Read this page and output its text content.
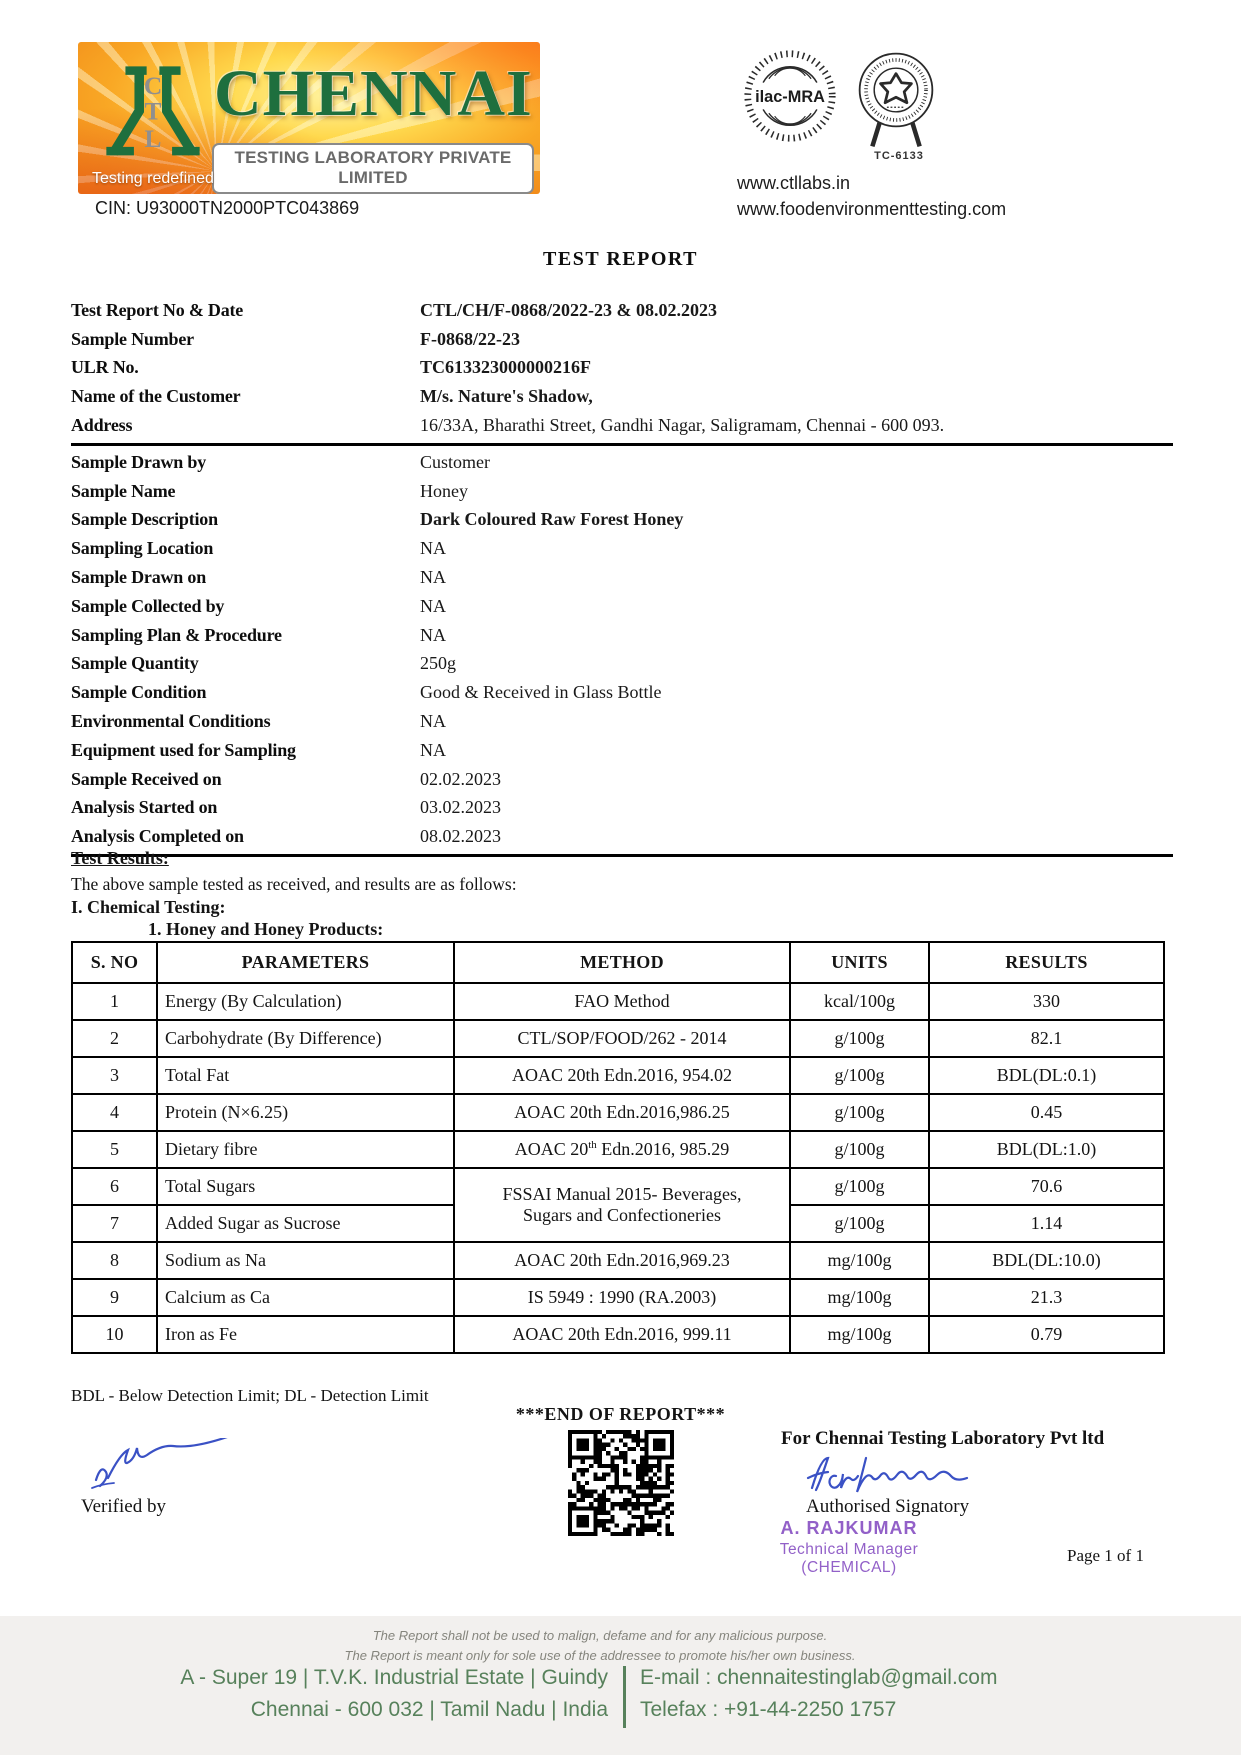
C
T
L
CHENNAI
TESTING LABORATORY PRIVATE LIMITED
Testing redefined
CIN: U93000TN2000PTC043869
ilac-MRA
TC-6133
www.ctllabs.in
www.foodenvironmenttesting.com
TEST REPORT
Test Report No & Date	CTL/CH/F-0868/2022-23 & 08.02.2023
Sample Number	F-0868/22-23
ULR No.	TC613323000000216F
Name of the Customer	M/s. Nature's Shadow,
Address	16/33A, Bharathi Street, Gandhi Nagar, Saligramam, Chennai - 600 093.
Sample Drawn by	Customer
Sample Name	Honey
Sample Description	Dark Coloured Raw Forest Honey
Sampling Location	NA
Sample Drawn on	NA
Sample Collected by	NA
Sampling Plan & Procedure	NA
Sample Quantity	250g
Sample Condition	Good & Received in Glass Bottle
Environmental Conditions	NA
Equipment used for Sampling	NA
Sample Received on	02.02.2023
Analysis Started on	03.02.2023
Analysis Completed on	08.02.2023
Test Results:
The above sample tested as received, and results are as follows:
I. Chemical Testing:
1. Honey and Honey Products:
S. NO	PARAMETERS	METHOD	UNITS	RESULTS
1	Energy (By Calculation)	FAO Method	kcal/100g	330
2	Carbohydrate (By Difference)	CTL/SOP/FOOD/262 - 2014	g/100g	82.1
3	Total Fat	AOAC 20th Edn.2016, 954.02	g/100g	BDL(DL:0.1)
4	Protein (N×6.25)	AOAC 20th Edn.2016,986.25	g/100g	0.45
5	Dietary fibre	AOAC 20th Edn.2016, 985.29	g/100g	BDL(DL:1.0)
6	Total Sugars	FSSAI Manual 2015- Beverages,
Sugars and Confectioneries	g/100g	70.6
7	Added Sugar as Sucrose		g/100g	1.14
8	Sodium as Na	AOAC 20th Edn.2016,969.23	mg/100g	BDL(DL:10.0)
9	Calcium as Ca	IS 5949 : 1990 (RA.2003)	mg/100g	21.3
10	Iron as Fe	AOAC 20th Edn.2016, 999.11	mg/100g	0.79
BDL - Below Detection Limit; DL - Detection Limit
***END OF REPORT***
For Chennai Testing Laboratory Pvt ltd
Verified by	Authorised Signatory
A. RAJKUMAR
Technical Manager
(CHEMICAL)
Page 1 of 1
The Report shall not be used to malign, defame and for any malicious purpose.
The Report is meant only for sole use of the addressee to promote his/her own business.
A - Super 19 | T.V.K. Industrial Estate | Guindy
Chennai - 600 032 | Tamil Nadu | India
E-mail : chennaitestinglab@gmail.com
Telefax : +91-44-2250 1757
